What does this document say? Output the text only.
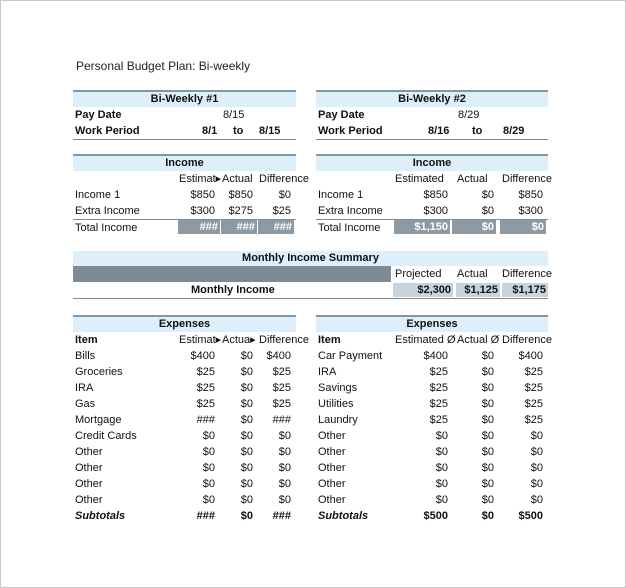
Personal Budget Plan: Bi-weekly
Bi-Weekly #1
Pay Date	8/15
Work Period	8/1 to 8/15
Bi-Weekly #2
Pay Date	8/29
Work Period	8/16 to 8/29
Income
Estimat▸ Actual Difference
Income 1	$850	$850	$0
Extra Income	$300	$275	$25
Total Income	###	###	###
Income
Estimated Actual Difference
Income 1	$850	$0	$850
Extra Income	$300	$0	$300
Total Income	$1,150	$0	$0
Monthly Income Summary
Projected Actual Difference
Monthly Income	$2,300	$1,125	$1,175
Expenses
Item	Estimat▸ Actua▸ Difference
Bills	$400	$0	$400
Groceries	$25	$0	$25
IRA	$25	$0	$25
Gas	$25	$0	$25
Mortgage	###	$0	###
Credit Cards	$0	$0	$0
Other	$0	$0	$0
Other	$0	$0	$0
Other	$0	$0	$0
Other	$0	$0	$0
Subtotals	###	$0	###
Expenses
Item	Estimated Ø Actual Ø Difference
Car Payment	$400	$0	$400
IRA	$25	$0	$25
Savings	$25	$0	$25
Utilities	$25	$0	$25
Laundry	$25	$0	$25
Other	$0	$0	$0
Other	$0	$0	$0
Other	$0	$0	$0
Other	$0	$0	$0
Other	$0	$0	$0
Subtotals	$500	$0	$500
